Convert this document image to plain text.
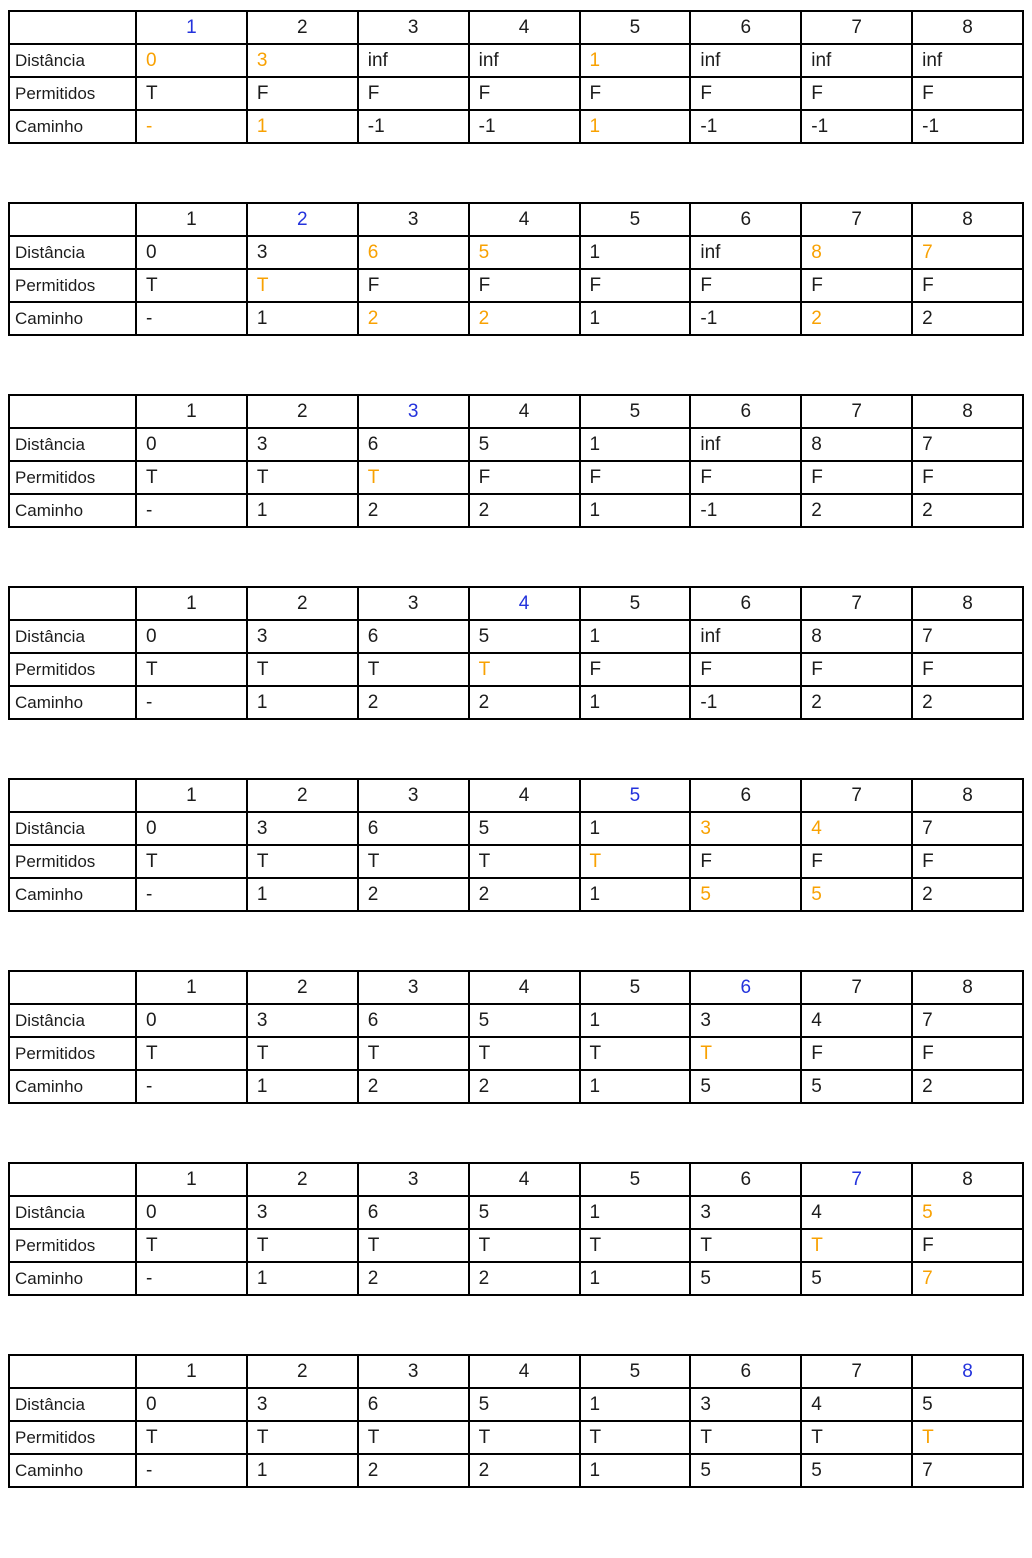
	1	2	3	4	5	6	7	8
Distância	0	3	inf	inf	1	inf	inf	inf
Permitidos	T	F	F	F	F	F	F	F
Caminho	-	1	-1	-1	1	-1	-1	-1
	1	2	3	4	5	6	7	8
Distância	0	3	6	5	1	inf	8	7
Permitidos	T	T	F	F	F	F	F	F
Caminho	-	1	2	2	1	-1	2	2
	1	2	3	4	5	6	7	8
Distância	0	3	6	5	1	inf	8	7
Permitidos	T	T	T	F	F	F	F	F
Caminho	-	1	2	2	1	-1	2	2
	1	2	3	4	5	6	7	8
Distância	0	3	6	5	1	inf	8	7
Permitidos	T	T	T	T	F	F	F	F
Caminho	-	1	2	2	1	-1	2	2
	1	2	3	4	5	6	7	8
Distância	0	3	6	5	1	3	4	7
Permitidos	T	T	T	T	T	F	F	F
Caminho	-	1	2	2	1	5	5	2
	1	2	3	4	5	6	7	8
Distância	0	3	6	5	1	3	4	7
Permitidos	T	T	T	T	T	T	F	F
Caminho	-	1	2	2	1	5	5	2
	1	2	3	4	5	6	7	8
Distância	0	3	6	5	1	3	4	5
Permitidos	T	T	T	T	T	T	T	F
Caminho	-	1	2	2	1	5	5	7
	1	2	3	4	5	6	7	8
Distância	0	3	6	5	1	3	4	5
Permitidos	T	T	T	T	T	T	T	T
Caminho	-	1	2	2	1	5	5	7
